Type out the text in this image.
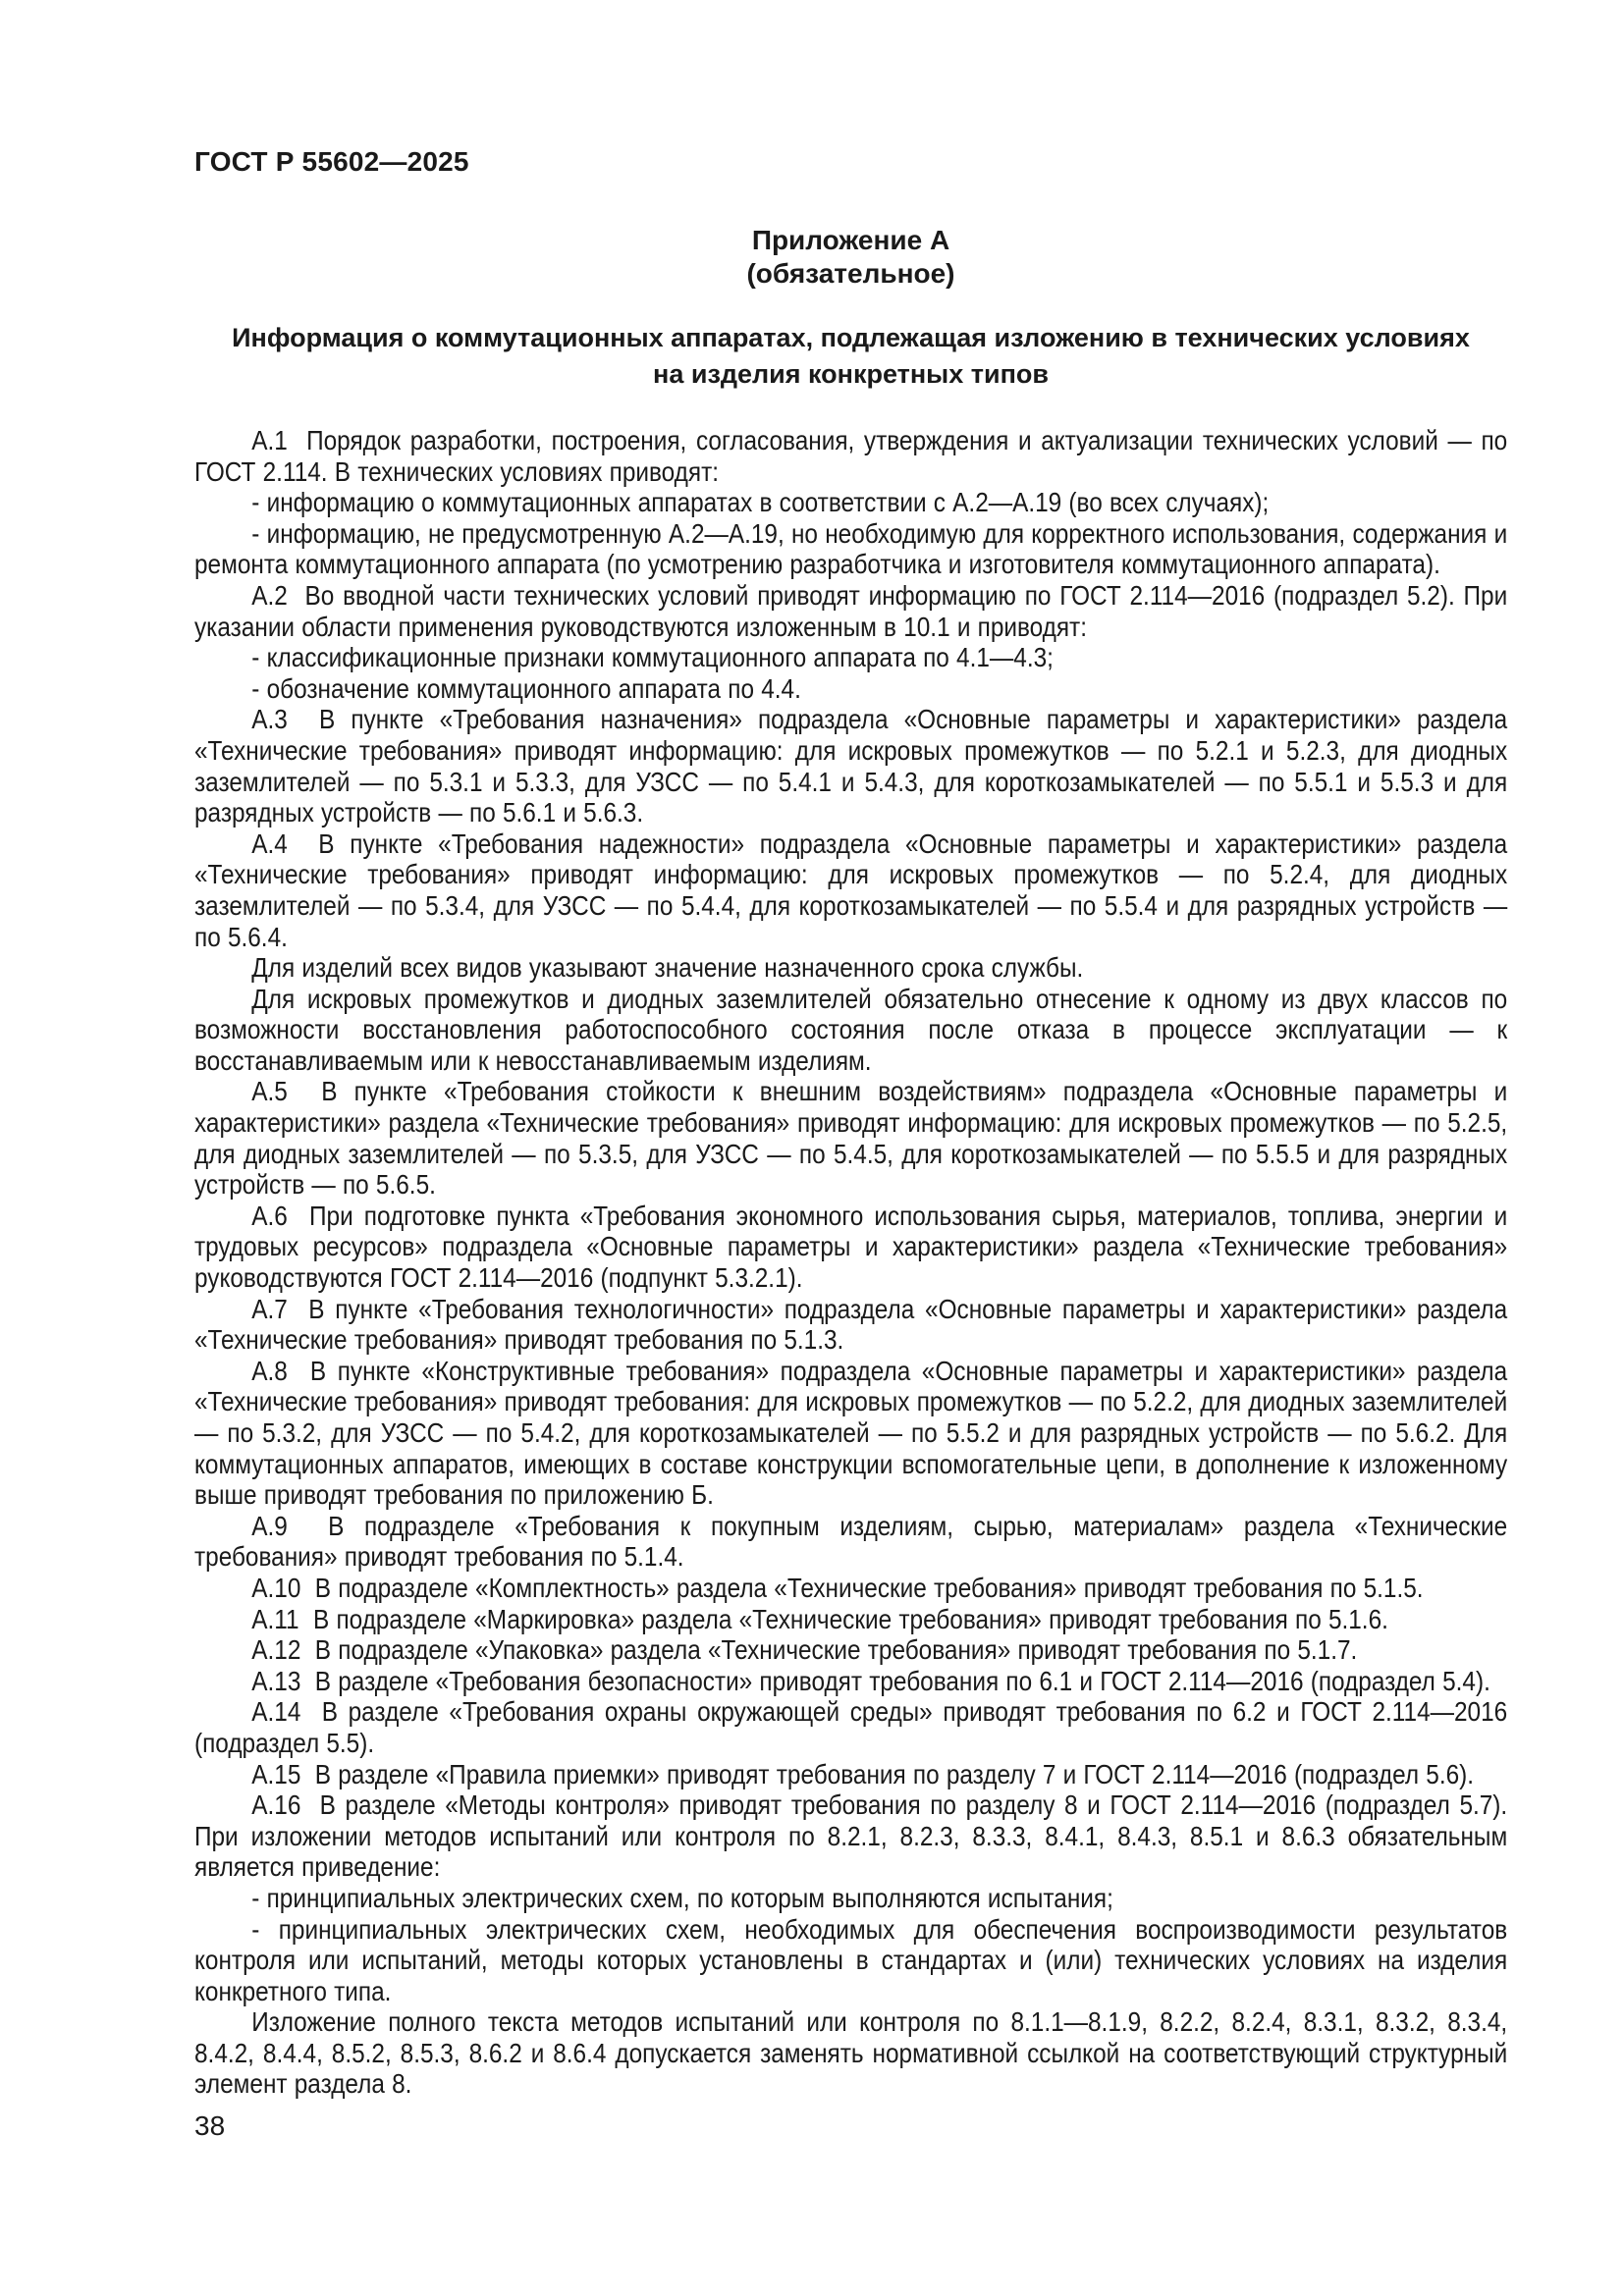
ГОСТ Р 55602—2025
Приложение А
(обязательное)
Информация о коммутационных аппаратах, подлежащая изложению в технических условиях
на изделия конкретных типов

А.1  Порядок разработки, построения, согласования, утверждения и актуализации технических условий — по ГОСТ 2.114. В технических условиях приводят:

- информацию о коммутационных аппаратах в соответствии с А.2—А.19 (во всех случаях);

- информацию, не предусмотренную А.2—А.19, но необходимую для корректного использования, содержания и ремонта коммутационного аппарата (по усмотрению разработчика и изготовителя коммутационного аппарата).

А.2  Во вводной части технических условий приводят информацию по ГОСТ 2.114—2016 (подраздел 5.2). При указании области применения руководствуются изложенным в 10.1 и приводят:

- классификационные признаки коммутационного аппарата по 4.1—4.3;

- обозначение коммутационного аппарата по 4.4.

А.3  В пункте «Требования назначения» подраздела «Основные параметры и характеристики» раздела «Технические требования» приводят информацию: для искровых промежутков — по 5.2.1 и 5.2.3, для диодных заземлителей — по 5.3.1 и 5.3.3, для УЗСС — по 5.4.1 и 5.4.3, для короткозамыкателей — по 5.5.1 и 5.5.3 и для разрядных устройств — по 5.6.1 и 5.6.3.

А.4  В пункте «Требования надежности» подраздела «Основные параметры и характеристики» раздела «Технические требования» приводят информацию: для искровых промежутков — по 5.2.4, для диодных заземлителей — по 5.3.4, для УЗСС — по 5.4.4, для короткозамыкателей — по 5.5.4 и для разрядных устройств — по 5.6.4.

Для изделий всех видов указывают значение назначенного срока службы.

Для искровых промежутков и диодных заземлителей обязательно отнесение к одному из двух классов по возможности восстановления работоспособного состояния после отказа в процессе эксплуатации — к восстанавливаемым или к невосстанавливаемым изделиям.

А.5  В пункте «Требования стойкости к внешним воздействиям» подраздела «Основные параметры и характеристики» раздела «Технические требования» приводят информацию: для искровых промежутков — по 5.2.5, для диодных заземлителей — по 5.3.5, для УЗСС — по 5.4.5, для короткозамыкателей — по 5.5.5 и для разрядных устройств — по 5.6.5.

А.6  При подготовке пункта «Требования экономного использования сырья, материалов, топлива, энергии и трудовых ресурсов» подраздела «Основные параметры и характеристики» раздела «Технические требования» руководствуются ГОСТ 2.114—2016 (подпункт 5.3.2.1).

А.7  В пункте «Требования технологичности» подраздела «Основные параметры и характеристики» раздела «Технические требования» приводят требования по 5.1.3.

А.8  В пункте «Конструктивные требования» подраздела «Основные параметры и характеристики» раздела «Технические требования» приводят требования: для искровых промежутков — по 5.2.2, для диодных заземлителей — по 5.3.2, для УЗСС — по 5.4.2, для короткозамыкателей — по 5.5.2 и для разрядных устройств — по 5.6.2. Для коммутационных аппаратов, имеющих в составе конструкции вспомогательные цепи, в дополнение к изложенному выше приводят требования по приложению Б.

А.9  В подразделе «Требования к покупным изделиям, сырью, материалам» раздела «Технические требования» приводят требования по 5.1.4.

А.10  В подразделе «Комплектность» раздела «Технические требования» приводят требования по 5.1.5.

А.11  В подразделе «Маркировка» раздела «Технические требования» приводят требования по 5.1.6.

А.12  В подразделе «Упаковка» раздела «Технические требования» приводят требования по 5.1.7.

А.13  В разделе «Требования безопасности» приводят требования по 6.1 и ГОСТ 2.114—2016 (подраздел 5.4).

А.14  В разделе «Требования охраны окружающей среды» приводят требования по 6.2 и ГОСТ 2.114—2016 (подраздел 5.5).

А.15  В разделе «Правила приемки» приводят требования по разделу 7 и ГОСТ 2.114—2016 (подраздел 5.6).

А.16  В разделе «Методы контроля» приводят требования по разделу 8 и ГОСТ 2.114—2016 (подраздел 5.7). При изложении методов испытаний или контроля по 8.2.1, 8.2.3, 8.3.3, 8.4.1, 8.4.3, 8.5.1 и 8.6.3 обязательным является приведение:

- принципиальных электрических схем, по которым выполняются испытания;

- принципиальных электрических схем, необходимых для обеспечения воспроизводимости результатов контроля или испытаний, методы которых установлены в стандартах и (или) технических условиях на изделия конкретного типа.

Изложение полного текста методов испытаний или контроля по 8.1.1—8.1.9, 8.2.2, 8.2.4, 8.3.1, 8.3.2, 8.3.4, 8.4.2, 8.4.4, 8.5.2, 8.5.3, 8.6.2 и 8.6.4 допускается заменять нормативной ссылкой на соответствующий структурный элемент раздела 8.

38
